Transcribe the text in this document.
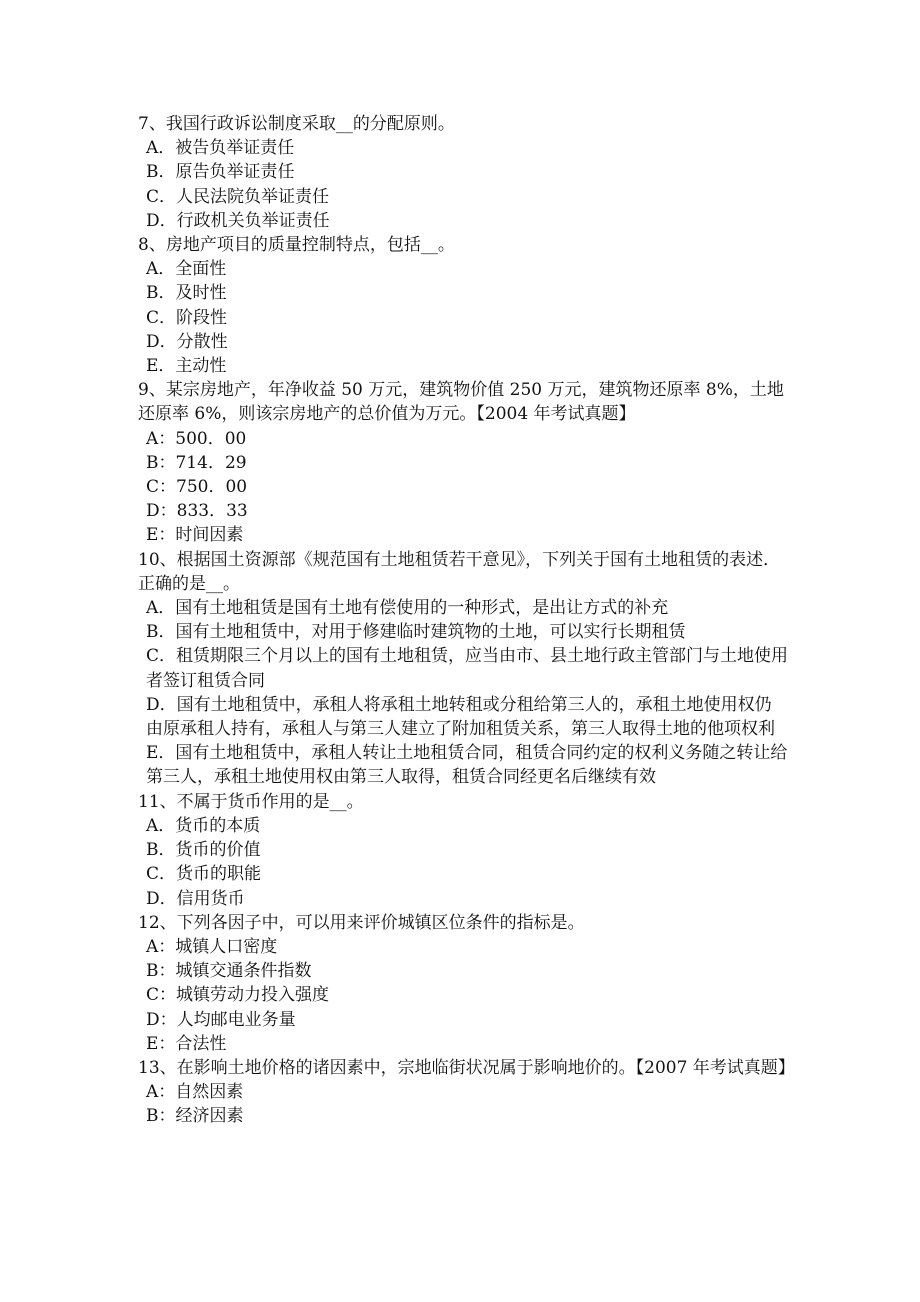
7、我国行政诉讼制度采取__的分配原则。

A．被告负举证责任

B．原告负举证责任

C．人民法院负举证责任

D．行政机关负举证责任

8、房地产项目的质量控制特点，包括__。

A．全面性

B．及时性

C．阶段性

D．分散性

E．主动性

9、某宗房地产，年净收益 50 万元，建筑物价值 250 万元，建筑物还原率 8%，土地还原率 6%，则该宗房地产的总价值为万元。【2004 年考试真题】

A：500．00

B：714．29

C：750．00

D：833．33

E：时间因素

10、根据国土资源部《规范国有土地租赁若干意见》，下列关于国有土地租赁的表述．正确的是__。

A．国有土地租赁是国有土地有偿使用的一种形式，是出让方式的补充

B．国有土地租赁中，对用于修建临时建筑物的土地，可以实行长期租赁

C．租赁期限三个月以上的国有土地租赁，应当由市、县土地行政主管部门与土地使用者签订租赁合同

D．国有土地租赁中，承租人将承租土地转租或分租给第三人的，承租土地使用权仍由原承租人持有，承租人与第三人建立了附加租赁关系，第三人取得土地的他项权利

E．国有土地租赁中，承租人转让土地租赁合同，租赁合同约定的权利义务随之转让给第三人，承租土地使用权由第三人取得，租赁合同经更名后继续有效

11、不属于货币作用的是__。

A．货币的本质

B．货币的价值

C．货币的职能

D．信用货币

12、下列各因子中，可以用来评价城镇区位条件的指标是。

A：城镇人口密度

B：城镇交通条件指数

C：城镇劳动力投入强度

D：人均邮电业务量

E：合法性

13、在影响土地价格的诸因素中，宗地临街状况属于影响地价的。【2007 年考试真题】

A：自然因素

B：经济因素
